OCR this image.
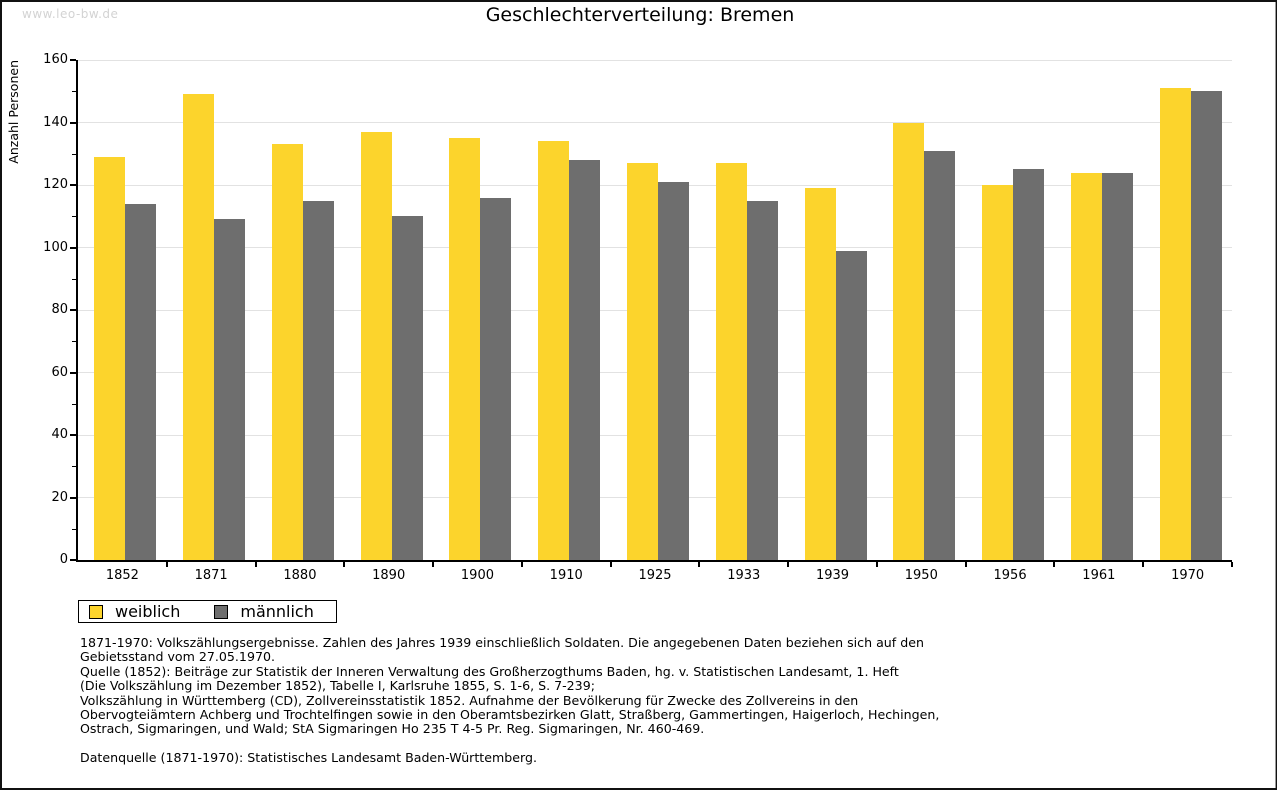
www.leo-bw.de	Geschlechterverteilung: Bremen
Anzahl Personen
0
20
40
60
80
100
120
140
160
1852	1871	1880	1890	1900	1910	1925	1933	1939	1950	1956	1961	1970
weiblich	männlich
1871-1970: Volkszählungsergebnisse. Zahlen des Jahres 1939 einschließlich Soldaten. Die angegebenen Daten beziehen sich auf den
Gebietsstand vom 27.05.1970.
Quelle (1852): Beiträge zur Statistik der Inneren Verwaltung des Großherzogthums Baden, hg. v. Statistischen Landesamt, 1. Heft
(Die Volkszählung im Dezember 1852), Tabelle I, Karlsruhe 1855, S. 1-6, S. 7-239;
Volkszählung in Württemberg (CD), Zollvereinsstatistik 1852. Aufnahme der Bevölkerung für Zwecke des Zollvereins in den
Obervogteiämtern Achberg und Trochtelfingen sowie in den Oberamtsbezirken Glatt, Straßberg, Gammertingen, Haigerloch, Hechingen,
Ostrach, Sigmaringen, und Wald; StA Sigmaringen Ho 235 T 4-5 Pr. Reg. Sigmaringen, Nr. 460-469.
Datenquelle (1871-1970): Statistisches Landesamt Baden-Württemberg.
